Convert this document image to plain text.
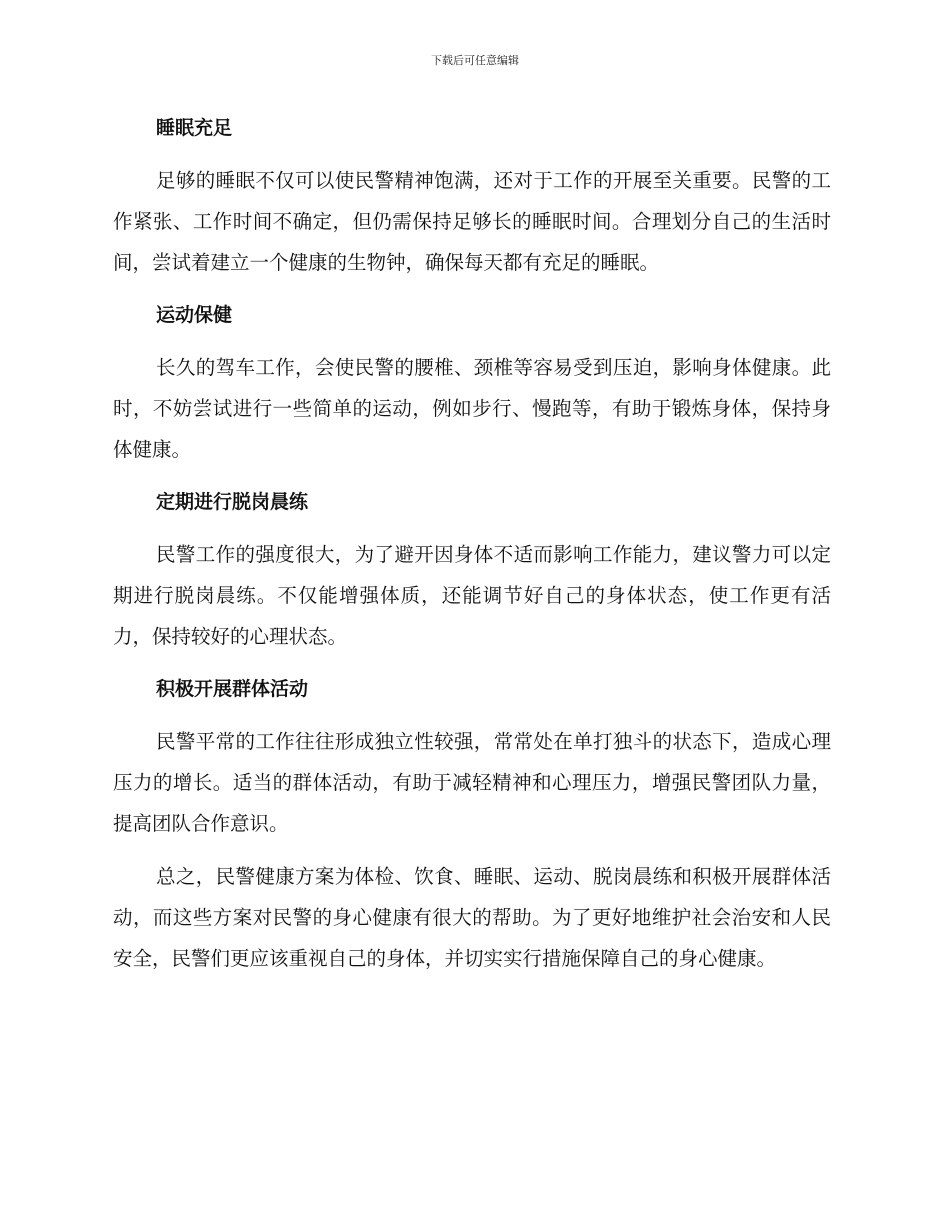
下载后可任意编辑
睡眠充足

足够的睡眠不仅可以使民警精神饱满，还对于工作的开展至关重要。民警的工作紧张、工作时间不确定，但仍需保持足够长的睡眠时间。合理划分自己的生活时间，尝试着建立一个健康的生物钟，确保每天都有充足的睡眠。

运动保健

长久的驾车工作，会使民警的腰椎、颈椎等容易受到压迫，影响身体健康。此时，不妨尝试进行一些简单的运动，例如步行、慢跑等，有助于锻炼身体，保持身体健康。

定期进行脱岗晨练

民警工作的强度很大，为了避开因身体不适而影响工作能力，建议警力可以定期进行脱岗晨练。不仅能增强体质，还能调节好自己的身体状态，使工作更有活力，保持较好的心理状态。

积极开展群体活动

民警平常的工作往往形成独立性较强，常常处在单打独斗的状态下，造成心理压力的增长。适当的群体活动，有助于减轻精神和心理压力，增强民警团队力量，提高团队合作意识。

总之，民警健康方案为体检、饮食、睡眠、运动、脱岗晨练和积极开展群体活动，而这些方案对民警的身心健康有很大的帮助。为了更好地维护社会治安和人民安全，民警们更应该重视自己的身体，并切实实行措施保障自己的身心健康。
